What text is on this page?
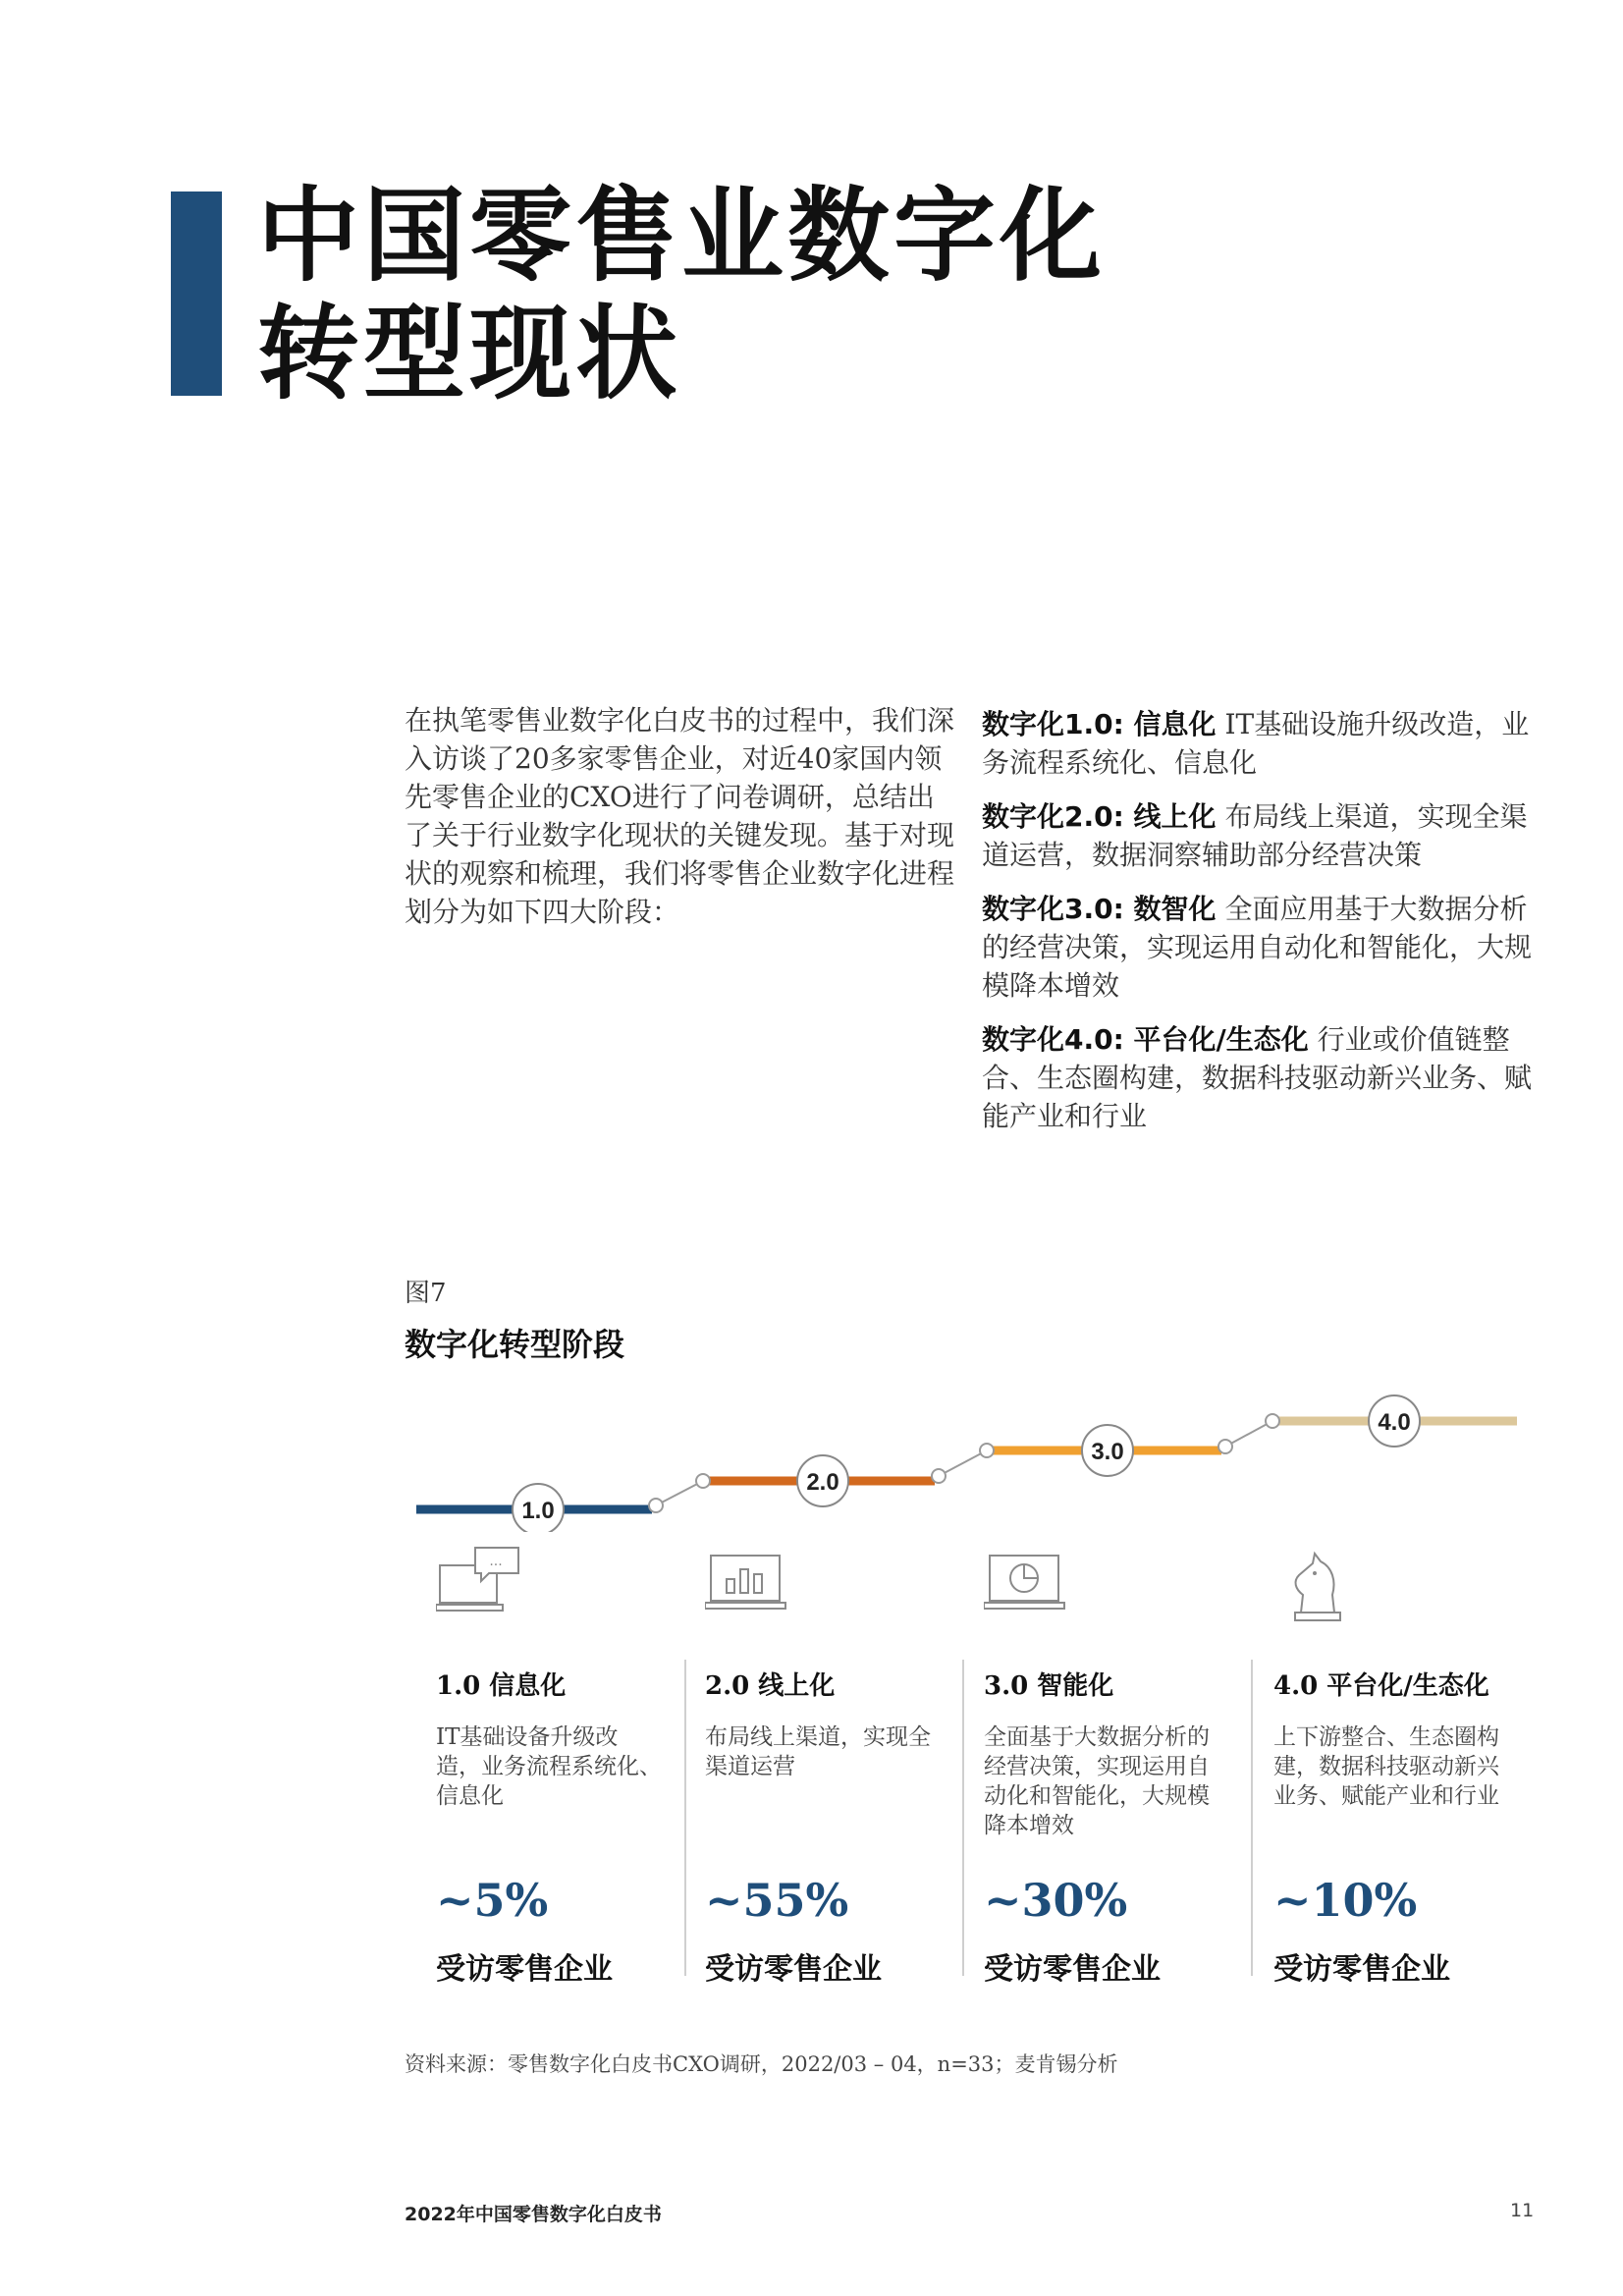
中国零售业数字化
转型现状
在执笔零售业数字化白皮书的过程中，我们深入访谈了20多家零售企业，对近40家国内领先零售企业的CXO进行了问卷调研，总结出了关于行业数字化现状的关键发现。基于对现状的观察和梳理，我们将零售企业数字化进程划分为如下四大阶段：
数字化1.0: 信息化 IT基础设施升级改造，业务流程系统化、信息化
数字化2.0: 线上化 布局线上渠道，实现全渠道运营，数据洞察辅助部分经营决策
数字化3.0: 数智化 全面应用基于大数据分析的经营决策，实现运用自动化和智能化，大规模降本增效
数字化4.0: 平台化/生态化 行业或价值链整合、生态圈构建，数据科技驱动新兴业务、赋能产业和行业
图7
数字化转型阶段
1.0
2.0
3.0
4.0
...
1.0 信息化
IT基础设备升级改造，业务流程系统化、信息化
~5%
受访零售企业
2.0 线上化
布局线上渠道，实现全渠道运营
~55%
受访零售企业
3.0 智能化
全面基于大数据分析的经营决策，实现运用自动化和智能化，大规模降本增效
~30%
受访零售企业
4.0 平台化/生态化
上下游整合、生态圈构建，数据科技驱动新兴业务、赋能产业和行业
~10%
受访零售企业
资料来源：零售数字化白皮书CXO调研，2022/03 – 04，n=33；麦肯锡分析
2022年中国零售数字化白皮书	11
